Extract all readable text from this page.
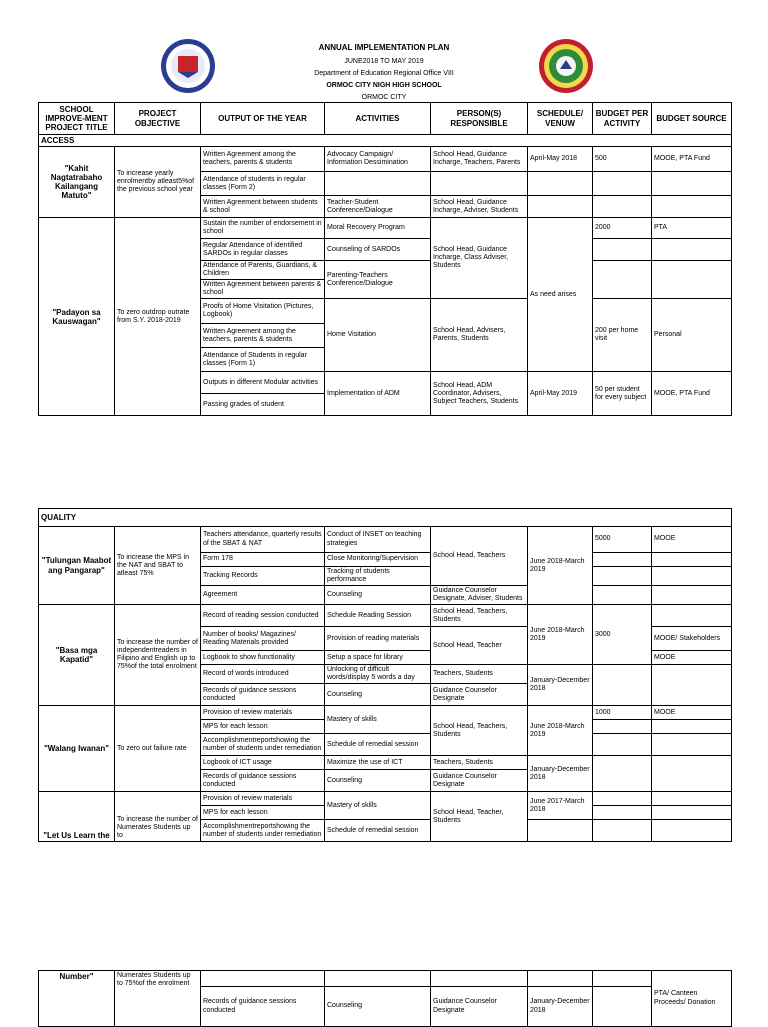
ANNUAL IMPLEMENTATION PLAN
JUNE2018 TO MAY 2019
Department of Education Regional Office VIII
ORMOC CITY NIGH HIGH SCHOOL
ORMOC CITY
SCHOOL IMPROVE-MENT PROJECT TITLE	PROJECT OBJECTIVE	OUTPUT OF THE YEAR	ACTIVITIES	PERSON(S) RESPONSIBLE	SCHEDULE/ VENUW	BUDGET PER ACTIVITY	BUDGET SOURCE
ACCESS							
"Kahit Nagtatrabaho Kailangang Matuto"	To increase yearly enrolmentby atleast5%of the previous school year	Written Agreement among the teachers, parents & students	Advocacy Campaign/ Information Dessimination	School Head, Guidance Incharge, Teachers, Parents	April-May 2018	500	MOOE, PTA Fund
		Attendance of students in regular classes (Form 2)					
		Written Agreement between students & school	Teacher-Student Conference/Dialogue	School Head, Guidance Incharge, Adviser, Students			
"Padayon sa Kauswagan"	To zero outdrop outrate from S.Y. 2018-2019	Sustain the number of endorsement in school	Moral Recovery Program	School Head, Guidance Incharge, Class Adviser, Students	As need arises	2000	PTA
		Regular Attendance of identified SARDOs in regular classes	Counseling of SARDOs				
		Attendance of Parents, Guardians, & Children	Parenting-Teachers Conference/Dialogue				
		Written Agreement between parents & school					
		Proofs of Home Visitation (Pictures, Logbook)	Home Visitation	School Head, Advisers, Parents, Students		200 per home visit	Personal
		Written Agreement among the teachers, parents & students					
		Attendance of Students in regular classes (Form 1)					
		Outputs in different Modular activities	Implementation of ADM	School Head, ADM Coordinator, Advisers, Subject Teachers, Students	April-May 2019	50 per student for every subject	MOOE, PTA Fund
		Passing grades of student					
QUALITY							
"Tulungan Maabot ang Pangarap"	To increase the MPS in the NAT and SBAT to atleast 75%	Teachers attendance, quarterly results of the SBAT & NAT	Conduct of INSET on teaching strategies	School Head, Teachers	June 2018-March 2019	5000	MOOE
		Form 178	Close Monitoring/Supervision				
		Tracking Records	Tracking of students performance				
		Agreement	Counseling	Guidance Counselor Designate, Adviser, Students			
"Basa mga Kapatid"	To increase the number of independentreaders in Filipino and English up to 75%of the total enrolment	Record of reading session conducted	Schedule Reading Session	School Head, Teachers, Students	June 2018-March 2019	3000	
		Number of books/ Magazines/ Reading Materials provided	Provision of reading materials	School Head, Teacher			MOOE/ Stakeholders
		Logbook to show functionality	Setup a space for library				MOOE
		Record of words introduced	Unlocking of difficult words/display 5 words a day	Teachers, Students	January-December 2018		
		Records of guidance sessions conducted	Counseling	Guidance Counselor Designate			
"Walang Iwanan"	To zero out failure rate	Provision of review materials	Mastery of skills	School Head, Teachers, Students	June 2018-March 2019	1000	MOOE
		MPS for each lesson					
		Accomplishmentreportshowing the number of students under remediation	Schedule of remedial session				
		Logbook of ICT usage	Maximize the use of ICT	Teachers, Students	January-December 2018		
		Records of guidance sessions conducted	Counseling	Guidance Counselor Designate			
"Let Us Learn the	To increase the number of Numerates Students up to	Provision of review materials	Mastery of skills	School Head, Teacher, Students	June 2017-March 2018		
		MPS for each lesson					
		Accomplishmentreportshowing the number of students under remediation	Schedule of remedial session				
Number"	Numerates Students up to 75%of the enrolment						PTA/ Canteen Proceeds/ Donation
		Records of guidance sessions conducted	Counseling	Guidance Counselor Designate	January-December 2018		
